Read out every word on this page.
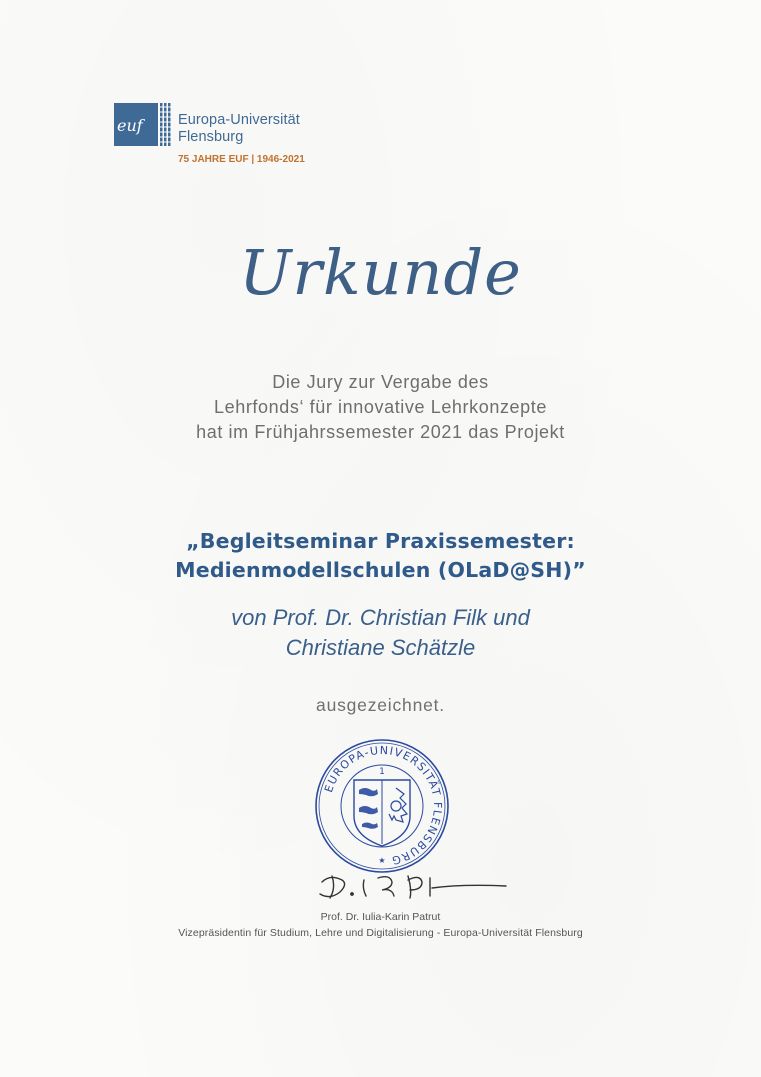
euf Europa-Universität
Flensburg
75 JAHRE EUF | 1946-2021
Urkunde
Die Jury zur Vergabe des
Lehrfonds‘ für innovative Lehrkonzepte
hat im Frühjahrssemester 2021 das Projekt
„Begleitseminar Praxissemester:
Medienmodellschulen (OLaD@SH)”
von Prof. Dr. Christian Filk und
Christiane Schätzle
ausgezeichnet.
EUROPA-UNIVERSITÄT FLENSBURG
1
★
Prof. Dr. Iulia-Karin Patrut
Vizepräsidentin für Studium, Lehre und Digitalisierung - Europa-Universität Flensburg
